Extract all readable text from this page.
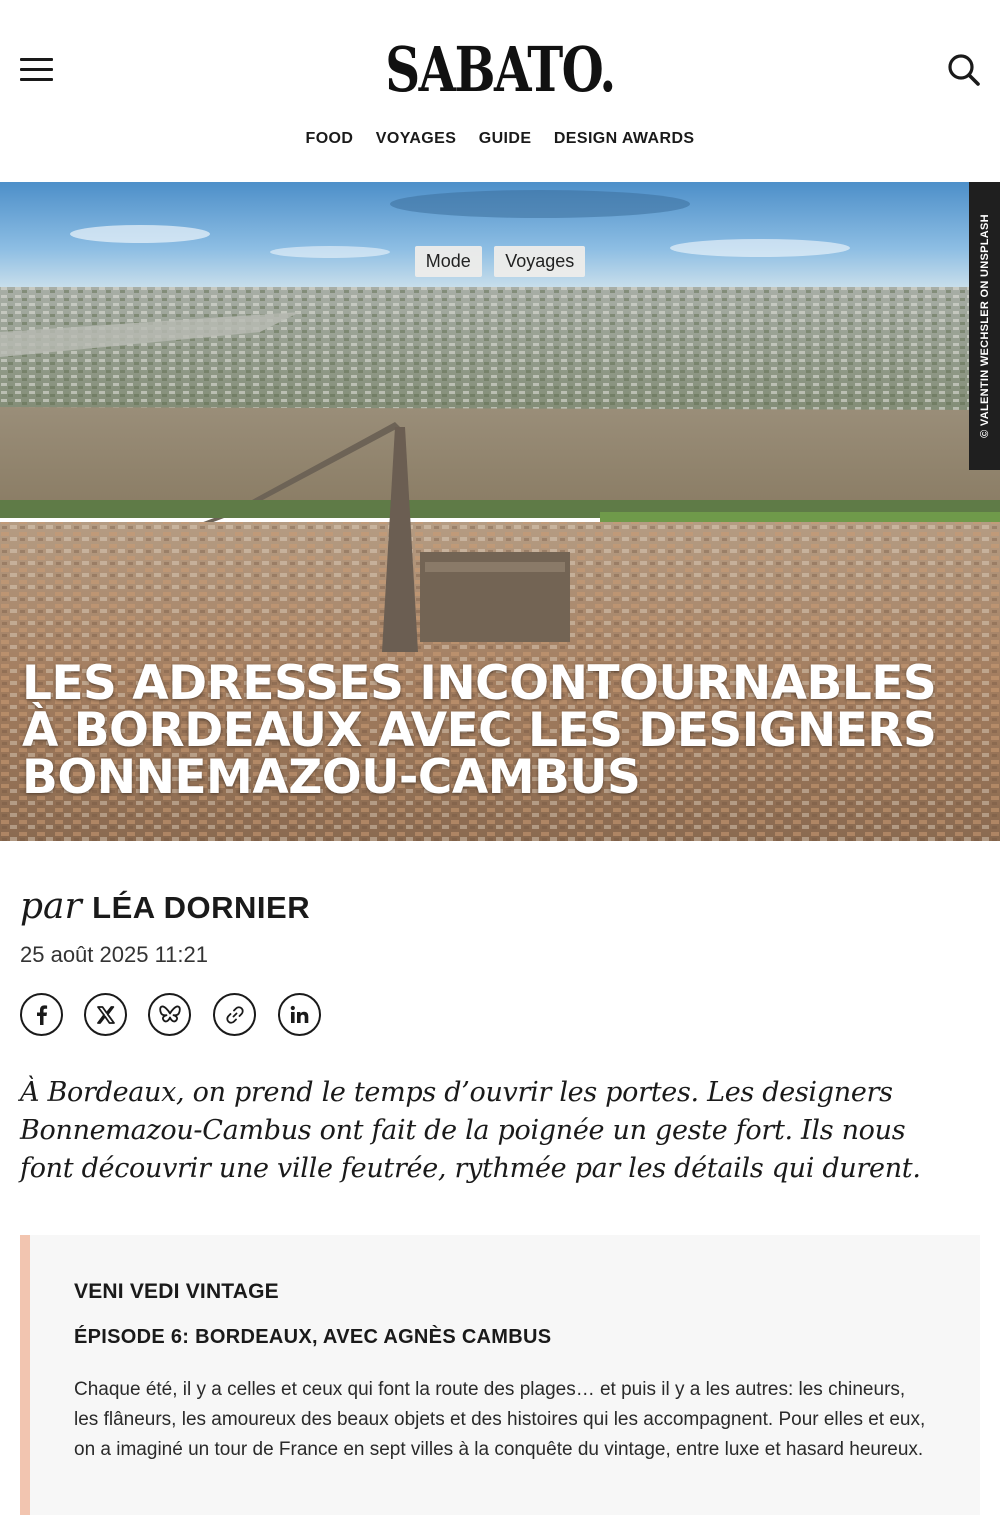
SABATO.
FOOD VOYAGES GUIDE DESIGN AWARDS
Mode Voyages	© VALENTIN WECHSLER ON UNSPLASH
LES ADRESSES INCONTOURNABLES À BORDEAUX AVEC LES DESIGNERS BONNEMAZOU-CAMBUS
par LÉA DORNIER
25 août 2025 11:21

À Bordeaux, on prend le temps d’ouvrir les portes. Les designers Bonnemazou-Cambus ont fait de la poignée un geste fort. Ils nous font découvrir une ville feutrée, rythmée par les détails qui durent.

VENI VEDI VINTAGE
ÉPISODE 6: BORDEAUX, AVEC AGNÈS CAMBUS

Chaque été, il y a celles et ceux qui font la route des plages… et puis il y a les autres: les chineurs, les flâneurs, les amoureux des beaux objets et des histoires qui les accompagnent. Pour elles et eux, on a imaginé un tour de France en sept villes à la conquête du vintage, entre luxe et hasard heureux.
